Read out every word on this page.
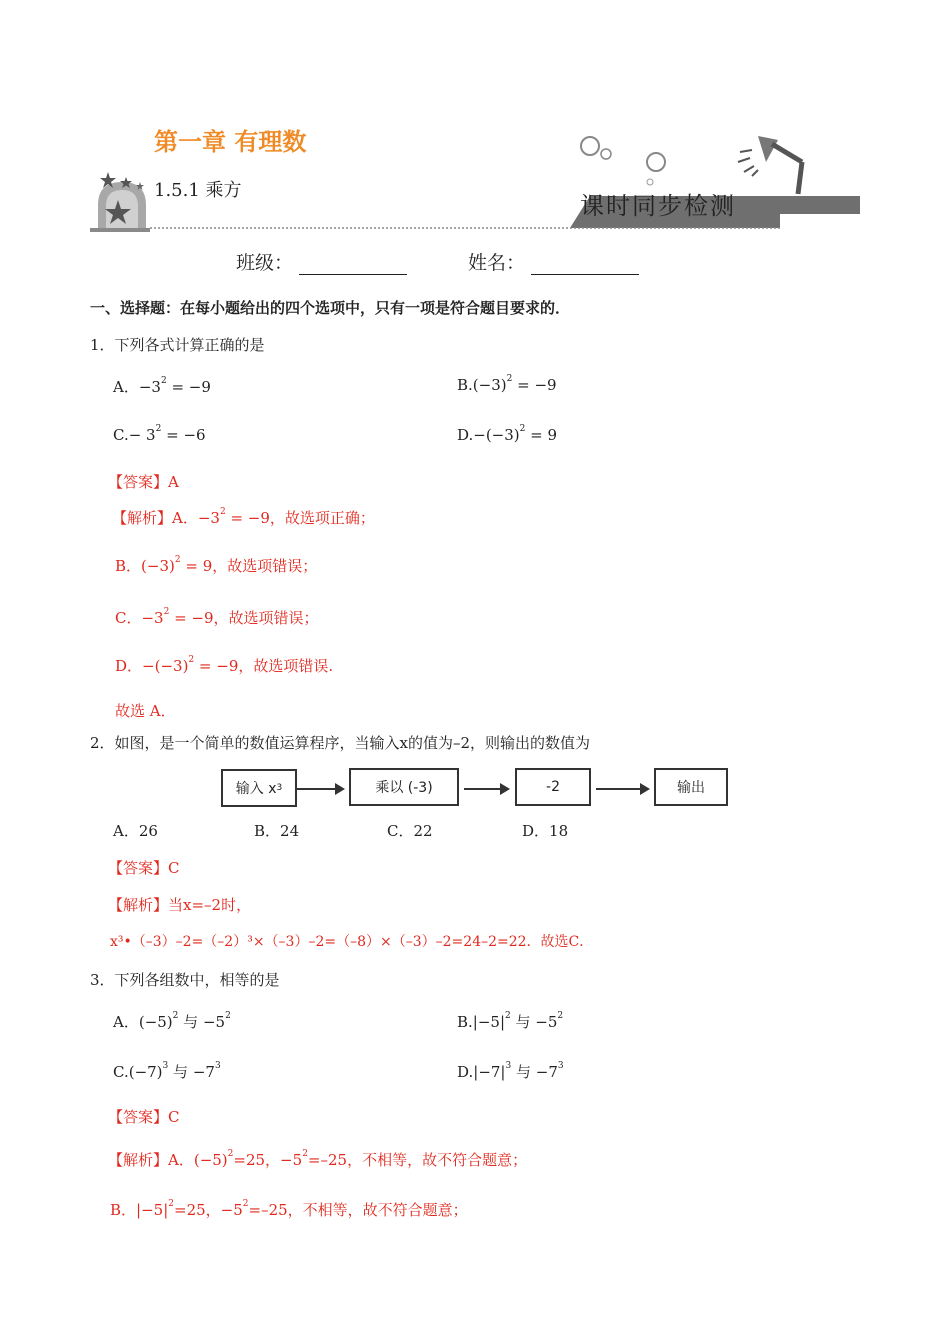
第一章 有理数
1.5.1 乘方
课时同步检测
班级：	姓名：
一、选择题：在每小题给出的四个选项中，只有一项是符合题目要求的．
1．下列各式计算正确的是
A．$-3^2 = -9$	$B.(-3)^2 = -9$
$C.- 3^2 = -6$	$D.-(-3)^2 = 9$
【答案】A
【解析】A．$-3^2 = -9$，故选项正确；
B．$(-3)^2 = 9$，故选项错误；
C．$-3^2 = -9$，故选项错误；
D．$-(-3)^2 = -9$，故选项错误.
故选 A．
2．如图，是一个简单的数值运算程序，当输入x的值为–2，则输出的数值为
输入 x 3	乘以 (-3)	-2	输出
A．26	B．24	C．22	D．18
【答案】C
【解析】当x=–2时，
x³•（–3）–2=（–2）³×（–3）–2=（–8）×（–3）–2=24–2=22．故选C．
3．下列各组数中，相等的是
A．$(-5)^2$ 与 $-5^2$	$B.|-5|^2$ 与 $-5^2$
$C.(-7)^3$ 与 $-7^3$	$D.|-7|^3$ 与 $-7^3$
【答案】C
【解析】A．$(-5)^2=25$，$-5^2=-25$，不相等，故不符合题意；
B．$|-5|^2=25$，$-5^2=-25$，不相等，故不符合题意；
